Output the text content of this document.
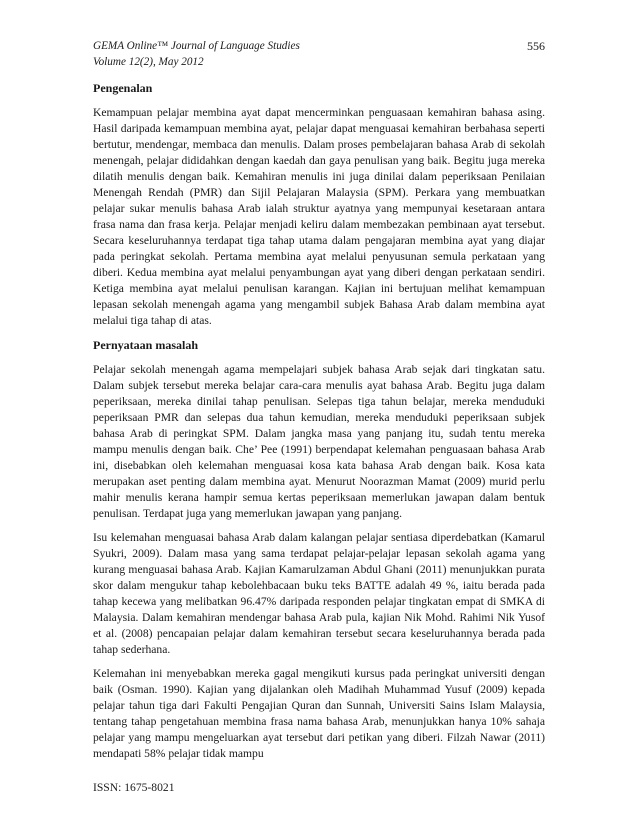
GEMA Online™ Journal of Language Studies
Volume 12(2), May 2012
556
Pengenalan

Kemampuan pelajar membina ayat dapat mencerminkan penguasaan kemahiran bahasa asing. Hasil daripada kemampuan membina ayat, pelajar dapat menguasai kemahiran berbahasa seperti bertutur, mendengar, membaca dan menulis. Dalam proses pembelajaran bahasa Arab di sekolah menengah, pelajar dididahkan dengan kaedah dan gaya penulisan yang baik. Begitu juga mereka dilatih menulis dengan baik. Kemahiran menulis ini juga dinilai dalam peperiksaan Penilaian Menengah Rendah (PMR) dan Sijil Pelajaran Malaysia (SPM). Perkara yang membuatkan pelajar sukar menulis bahasa Arab ialah struktur ayatnya yang mempunyai kesetaraan antara frasa nama dan frasa kerja. Pelajar menjadi keliru dalam membezakan pembinaan ayat tersebut. Secara keseluruhannya terdapat tiga tahap utama dalam pengajaran membina ayat yang diajar pada peringkat sekolah. Pertama membina ayat melalui penyusunan semula perkataan yang diberi. Kedua membina ayat melalui penyambungan ayat yang diberi dengan perkataan sendiri. Ketiga membina ayat melalui penulisan karangan. Kajian ini bertujuan melihat kemampuan lepasan sekolah menengah agama yang mengambil subjek Bahasa Arab dalam membina ayat melalui tiga tahap di atas.

Pernyataan masalah

Pelajar sekolah menengah agama mempelajari subjek bahasa Arab sejak dari tingkatan satu. Dalam subjek tersebut mereka belajar cara-cara menulis ayat bahasa Arab. Begitu juga dalam peperiksaan, mereka dinilai tahap penulisan. Selepas tiga tahun belajar, mereka menduduki peperiksaan PMR dan selepas dua tahun kemudian, mereka menduduki peperiksaan subjek bahasa Arab di peringkat SPM. Dalam jangka masa yang panjang itu, sudah tentu mereka mampu menulis dengan baik. Che’ Pee (1991) berpendapat kelemahan penguasaan bahasa Arab ini, disebabkan oleh kelemahan menguasai kosa kata bahasa Arab dengan baik. Kosa kata merupakan aset penting dalam membina ayat. Menurut Noorazman Mamat (2009) murid perlu mahir menulis kerana hampir semua kertas peperiksaan memerlukan jawapan dalam bentuk penulisan. Terdapat juga yang memerlukan jawapan yang panjang.

Isu kelemahan menguasai bahasa Arab dalam kalangan pelajar sentiasa diperdebatkan (Kamarul Syukri, 2009). Dalam masa yang sama terdapat pelajar-pelajar lepasan sekolah agama yang kurang menguasai bahasa Arab. Kajian Kamarulzaman Abdul Ghani (2011) menunjukkan purata skor dalam mengukur tahap kebolehbacaan buku teks BATTE adalah 49 %, iaitu berada pada tahap kecewa yang melibatkan 96.47% daripada responden pelajar tingkatan empat di SMKA di Malaysia. Dalam kemahiran mendengar bahasa Arab pula, kajian Nik Mohd. Rahimi Nik Yusof et al. (2008) pencapaian pelajar dalam kemahiran tersebut secara keseluruhannya berada pada tahap sederhana.

Kelemahan ini menyebabkan mereka gagal mengikuti kursus pada peringkat universiti dengan baik (Osman. 1990). Kajian yang dijalankan oleh Madihah Muhammad Yusuf (2009) kepada pelajar tahun tiga dari Fakulti Pengajian Quran dan Sunnah, Universiti Sains Islam Malaysia, tentang tahap pengetahuan membina frasa nama bahasa Arab, menunjukkan hanya 10% sahaja pelajar yang mampu mengeluarkan ayat tersebut dari petikan yang diberi. Filzah Nawar (2011) mendapati 58% pelajar tidak mampu

ISSN: 1675-8021
